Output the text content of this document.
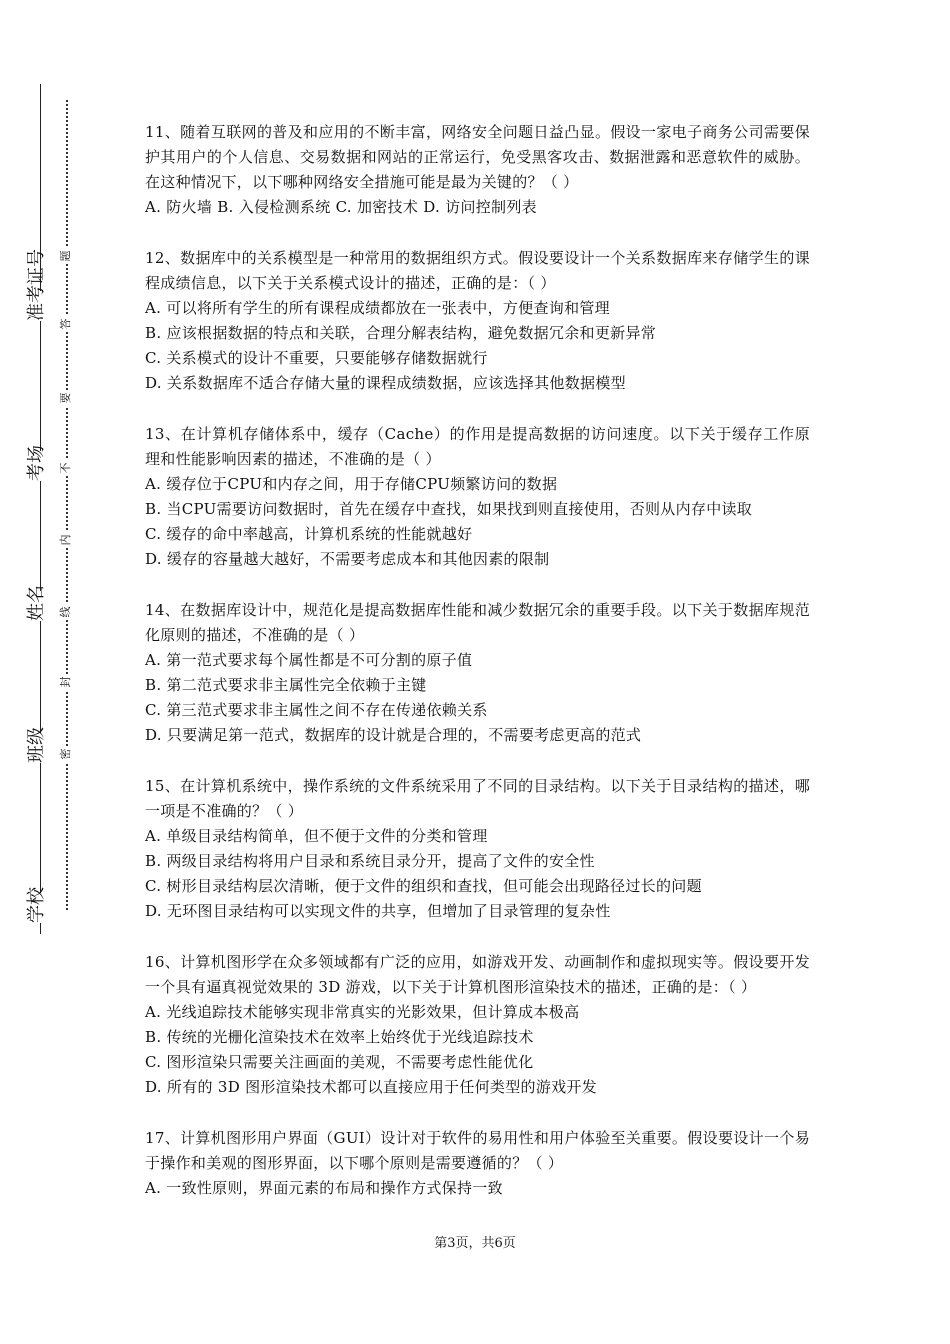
准考证号
考场
姓名
班级
学校
题
答
要
不
内
线
封
密

11、随着互联网的普及和应用的不断丰富，网络安全问题日益凸显。假设一家电子商务公司需要保护其用户的个人信息、交易数据和网站的正常运行，免受黑客攻击、数据泄露和恶意软件的威胁。在这种情况下，以下哪种网络安全措施可能是最为关键的？（ ）

A. 防火墙 B. 入侵检测系统 C. 加密技术 D. 访问控制列表

12、数据库中的关系模型是一种常用的数据组织方式。假设要设计一个关系数据库来存储学生的课程成绩信息，以下关于关系模式设计的描述，正确的是：（ ）

A. 可以将所有学生的所有课程成绩都放在一张表中，方便查询和管理

B. 应该根据数据的特点和关联，合理分解表结构，避免数据冗余和更新异常

C. 关系模式的设计不重要，只要能够存储数据就行

D. 关系数据库不适合存储大量的课程成绩数据，应该选择其他数据模型

13、在计算机存储体系中，缓存（Cache）的作用是提高数据的访问速度。以下关于缓存工作原理和性能影响因素的描述，不准确的是（ ）

A. 缓存位于CPU和内存之间，用于存储CPU频繁访问的数据

B. 当CPU需要访问数据时，首先在缓存中查找，如果找到则直接使用，否则从内存中读取

C. 缓存的命中率越高，计算机系统的性能就越好

D. 缓存的容量越大越好，不需要考虑成本和其他因素的限制

14、在数据库设计中，规范化是提高数据库性能和减少数据冗余的重要手段。以下关于数据库规范化原则的描述，不准确的是（ ）

A. 第一范式要求每个属性都是不可分割的原子值

B. 第二范式要求非主属性完全依赖于主键

C. 第三范式要求非主属性之间不存在传递依赖关系

D. 只要满足第一范式，数据库的设计就是合理的，不需要考虑更高的范式

15、在计算机系统中，操作系统的文件系统采用了不同的目录结构。以下关于目录结构的描述，哪一项是不准确的？（ ）

A. 单级目录结构简单，但不便于文件的分类和管理

B. 两级目录结构将用户目录和系统目录分开，提高了文件的安全性

C. 树形目录结构层次清晰，便于文件的组织和查找，但可能会出现路径过长的问题

D. 无环图目录结构可以实现文件的共享，但增加了目录管理的复杂性

16、计算机图形学在众多领域都有广泛的应用，如游戏开发、动画制作和虚拟现实等。假设要开发一个具有逼真视觉效果的 3D 游戏，以下关于计算机图形渲染技术的描述，正确的是：（ ）

A. 光线追踪技术能够实现非常真实的光影效果，但计算成本极高

B. 传统的光栅化渲染技术在效率上始终优于光线追踪技术

C. 图形渲染只需要关注画面的美观，不需要考虑性能优化

D. 所有的 3D 图形渲染技术都可以直接应用于任何类型的游戏开发

17、计算机图形用户界面（GUI）设计对于软件的易用性和用户体验至关重要。假设要设计一个易于操作和美观的图形界面，以下哪个原则是需要遵循的？（ ）

A. 一致性原则，界面元素的布局和操作方式保持一致

第3页，共6页
